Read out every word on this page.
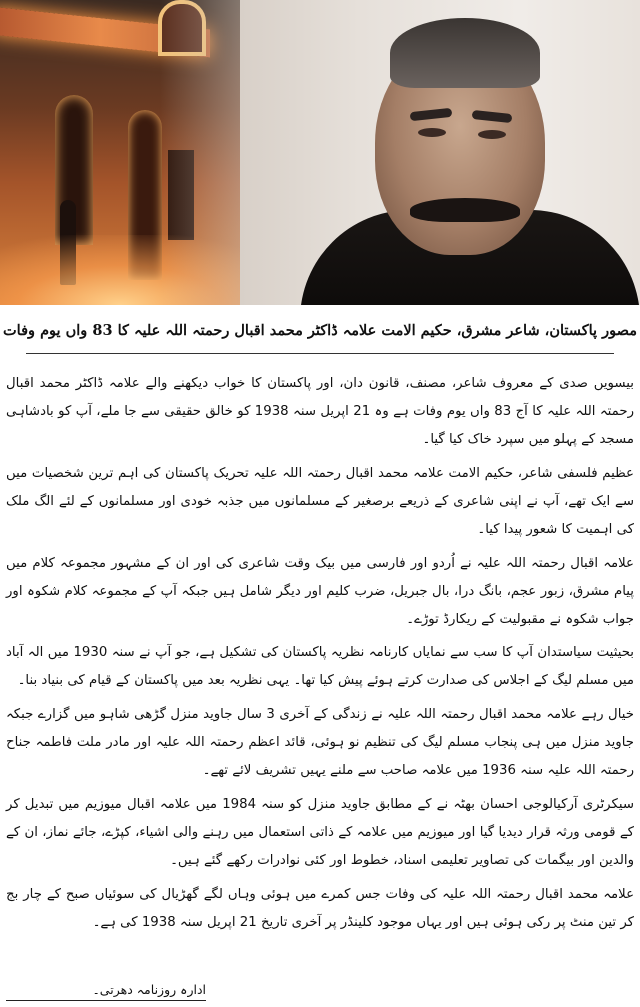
مصور پاکستان، شاعر مشرق، حکیم الامت علامہ ڈاکٹر محمد اقبال رحمتہ اللہ علیہ کا 83 واں یوم وفات

بیسویں صدی کے معروف شاعر، مصنف، قانون دان، اور پاکستان کا خواب دیکھنے والے علامہ ڈاکٹر محمد اقبال رحمتہ اللہ علیہ کا آج 83 واں یوم وفات ہے وہ 21 اپریل سنہ 1938 کو خالق حقیقی سے جا ملے، آپ کو بادشاہی مسجد کے پہلو میں سپرد خاک کیا گیا۔

عظیم فلسفی شاعر، حکیم الامت علامہ محمد اقبال رحمتہ اللہ علیہ تحریک پاکستان کی اہم ترین شخصیات میں سے ایک تھے، آپ نے اپنی شاعری کے ذریعے برصغیر کے مسلمانوں میں جذبہ خودی اور مسلمانوں کے لئے الگ ملک کی اہمیت کا شعور پیدا کیا۔

علامہ اقبال رحمتہ اللہ علیہ نے اُردو اور فارسی میں بیک وقت شاعری کی اور ان کے مشہور مجموعہ کلام میں پیام مشرق، زبور عجم، بانگ درا، بال جبریل، ضرب کلیم اور دیگر شامل ہیں جبکہ آپ کے مجموعہ کلام شکوہ اور جواب شکوہ نے مقبولیت کے ریکارڈ توڑے۔

بحیثیت سیاستدان آپ کا سب سے نمایاں کارنامہ نظریہ پاکستان کی تشکیل ہے، جو آپ نے سنہ 1930 میں الہ آباد میں مسلم لیگ کے اجلاس کی صدارت کرتے ہوئے پیش کیا تھا۔ یہی نظریہ بعد میں پاکستان کے قیام کی بنیاد بنا۔

خیال رہے علامہ محمد اقبال رحمتہ اللہ علیہ نے زندگی کے آخری 3 سال جاوید منزل گڑھی شاہو میں گزارے جبکہ جاوید منزل میں ہی پنجاب مسلم لیگ کی تنظیم نو ہوئی، قائد اعظم رحمتہ اللہ علیہ اور مادر ملت فاطمہ جناح رحمتہ اللہ علیہ سنہ 1936 میں علامہ صاحب سے ملنے یہیں تشریف لائے تھے۔

سیکرٹری آرکیالوجی احسان بھٹہ نے کے مطابق جاوید منزل کو سنہ 1984 میں علامہ اقبال میوزیم میں تبدیل کر کے قومی ورثہ قرار دیدیا گیا اور میوزیم میں علامہ کے ذاتی استعمال میں رہنے والی اشیاء، کپڑے، جائے نماز، ان کے والدین اور بیگمات کی تصاویر تعلیمی اسناد، خطوط اور کئی نوادرات رکھے گئے ہیں۔

علامہ محمد اقبال رحمتہ اللہ علیہ کی وفات جس کمرے میں ہوئی وہاں لگے گھڑیال کی سوئیاں صبح کے چار بج کر تین منٹ پر رکی ہوئی ہیں اور یہاں موجود کلینڈر پر آخری تاریخ 21 اپریل سنہ 1938 کی ہے۔

ادارہ روزنامہ دھرتی۔
